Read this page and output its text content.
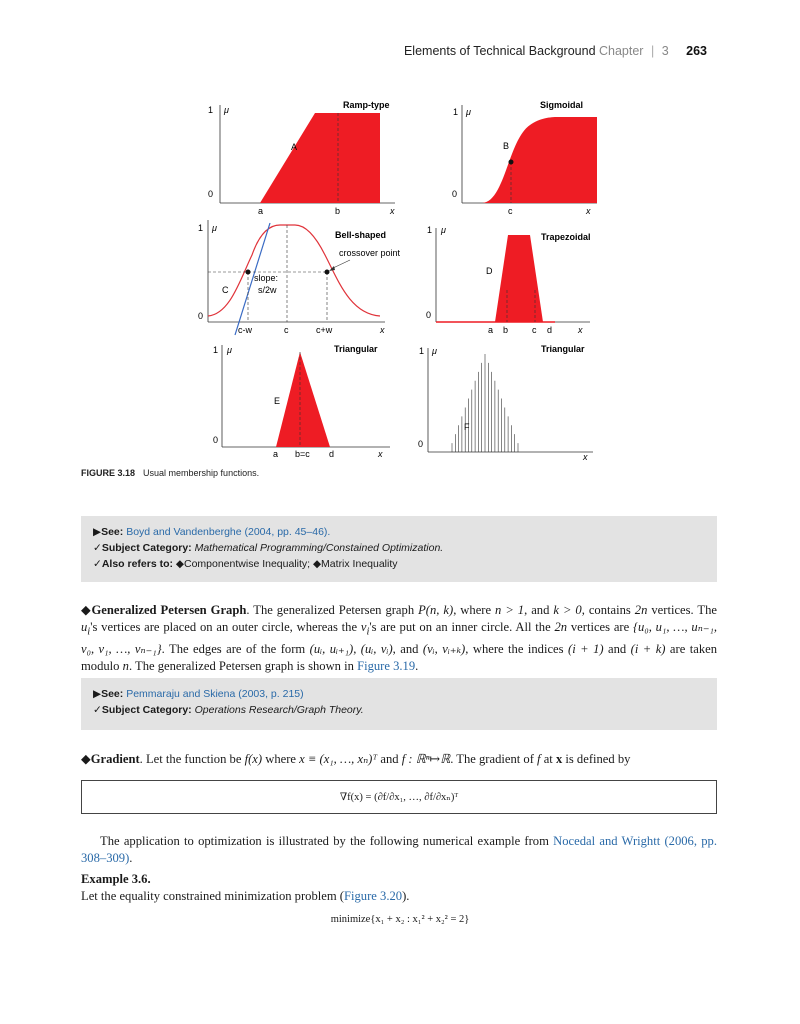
Elements of Technical Background Chapter | 3 263
Ramp-type
1 μ
0
A
a	b	x
Sigmoidal
1 μ
0
B
c	x
Bell-shaped
crossover point
slope:
s/2w
1 μ
0
C
c-w	c	c+w	x
Trapezoidal
1 μ
0
D
a b	c d	x
Triangular
1 μ
0
E
a b=c d	x
Triangular
1 μ
0
F
x
FIGURE 3.18 Usual membership functions.
▶See: Boyd and Vandenberghe (2004, pp. 45–46).
✓Subject Category: Mathematical Programming/Constained Optimization.
✓Also refers to: ◆Componentwise Inequality; ◆Matrix Inequality
◆Generalized Petersen Graph. The generalized Petersen graph P(n, k), where n > 1, and k > 0, contains 2n vertices. The $u_i's$ vertices are placed on an outer circle, whereas the $v_i's$ are put on an inner circle. All the 2n vertices are {u₀, u₁, …, uₙ₋₁, v₀, v₁, …, vₙ₋₁}. The edges are of the form (uᵢ, uᵢ₊₁), (uᵢ, vᵢ), and (vᵢ, vᵢ₊ₖ), where the indices (i + 1) and (i + k) are taken modulo n. The generalized Petersen graph is shown in Figure 3.19.
▶See: Pemmaraju and Skiena (2003, p. 215)
✓Subject Category: Operations Research/Graph Theory.
◆Gradient. Let the function be f(x) where x ≡ (x₁, …, xₙ)ᵀ and f : ℝⁿ↦ℝ. The gradient of f at x is defined by
∇f(x) = (∂f/∂x₁, …, ∂f/∂xₙ)ᵀ
The application to optimization is illustrated by the following numerical example from Nocedal and Wrightt (2006, pp. 308–309).
Example 3.6.
Let the equality constrained minimization problem (Figure 3.20).
minimize{x₁ + x₂ : x₁² + x₂² = 2}
